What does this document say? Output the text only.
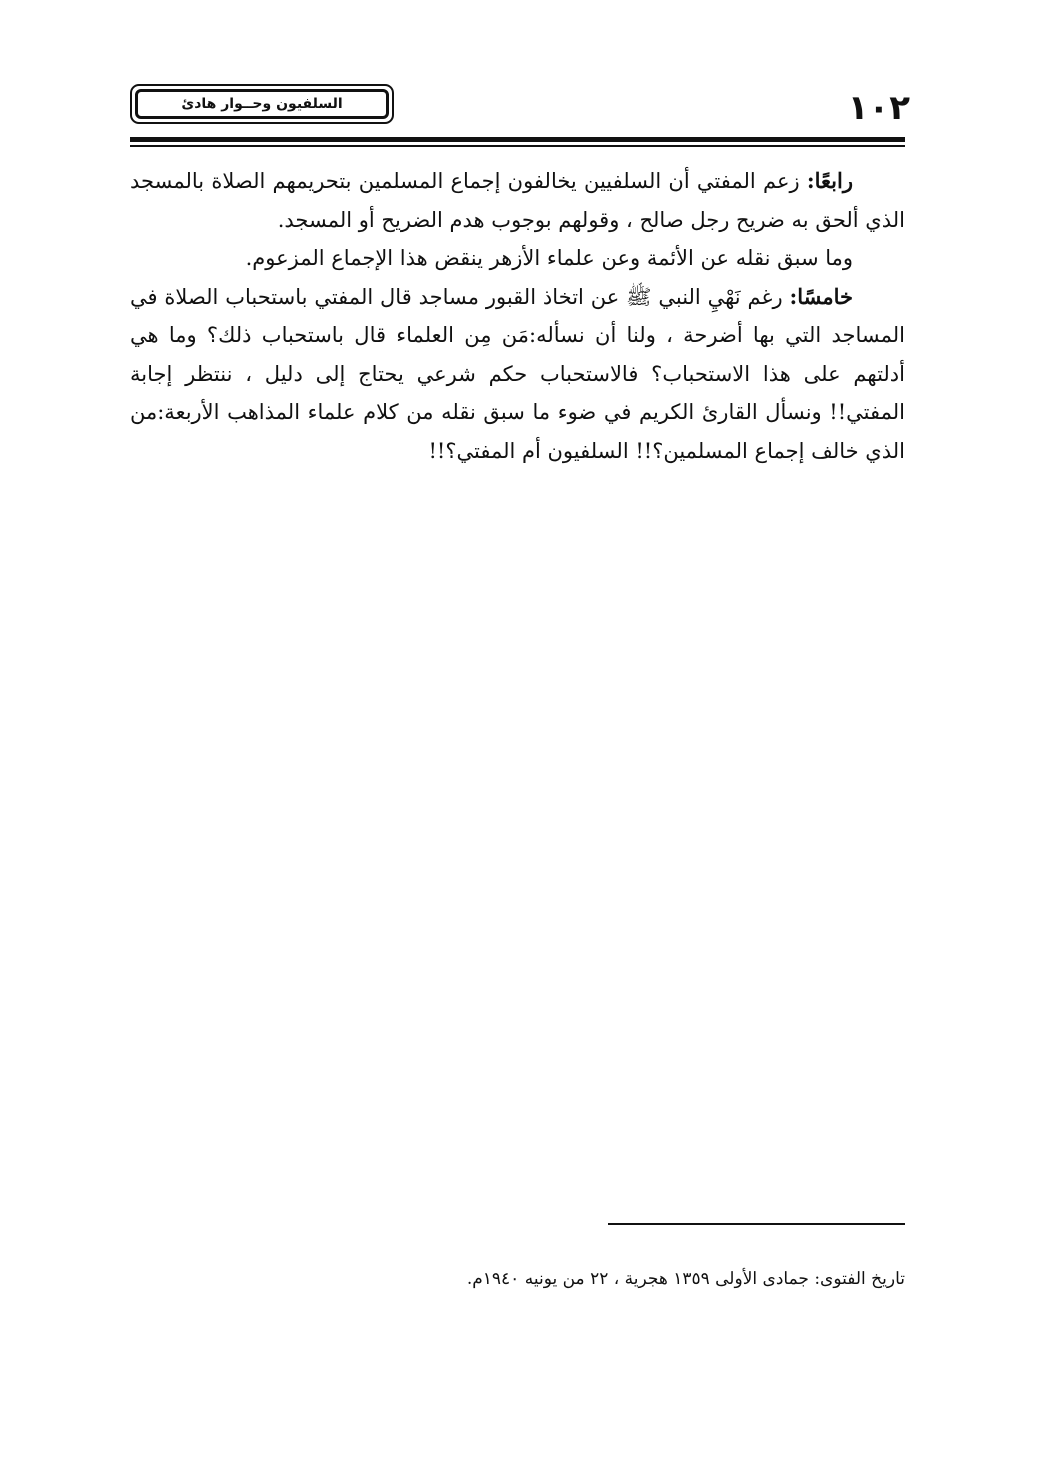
١٠٢
السلفيون وحــوار هادئ

رابعًا: زعم المفتي أن السلفيين يخالفون إجماع المسلمين بتحريمهم الصلاة بالمسجد الذي ألحق به ضريح رجل صالح ، وقولهم بوجوب هدم الضريح أو المسجد.

وما سبق نقله عن الأئمة وعن علماء الأزهر ينقض هذا الإجماع المزعوم.

خامسًا: رغم نَهْيِ النبي ﷺ عن اتخاذ القبور مساجد قال المفتي باستحباب الصلاة في المساجد التي بها أضرحة ، ولنا أن نسأله:مَن مِن العلماء قال باستحباب ذلك؟ وما هي أدلتهم على هذا الاستحباب؟ فالاستحباب حكم شرعي يحتاج إلى دليل ، ننتظر إجابة المفتي!! ونسأل القارئ الكريم في ضوء ما سبق نقله من كلام علماء المذاهب الأربعة:من الذي خالف إجماع المسلمين؟!! السلفيون أم المفتي؟!!

تاريخ الفتوى: جمادى الأولى ١٣٥٩ هجرية ، ٢٢ من يونيه ١٩٤٠م.
